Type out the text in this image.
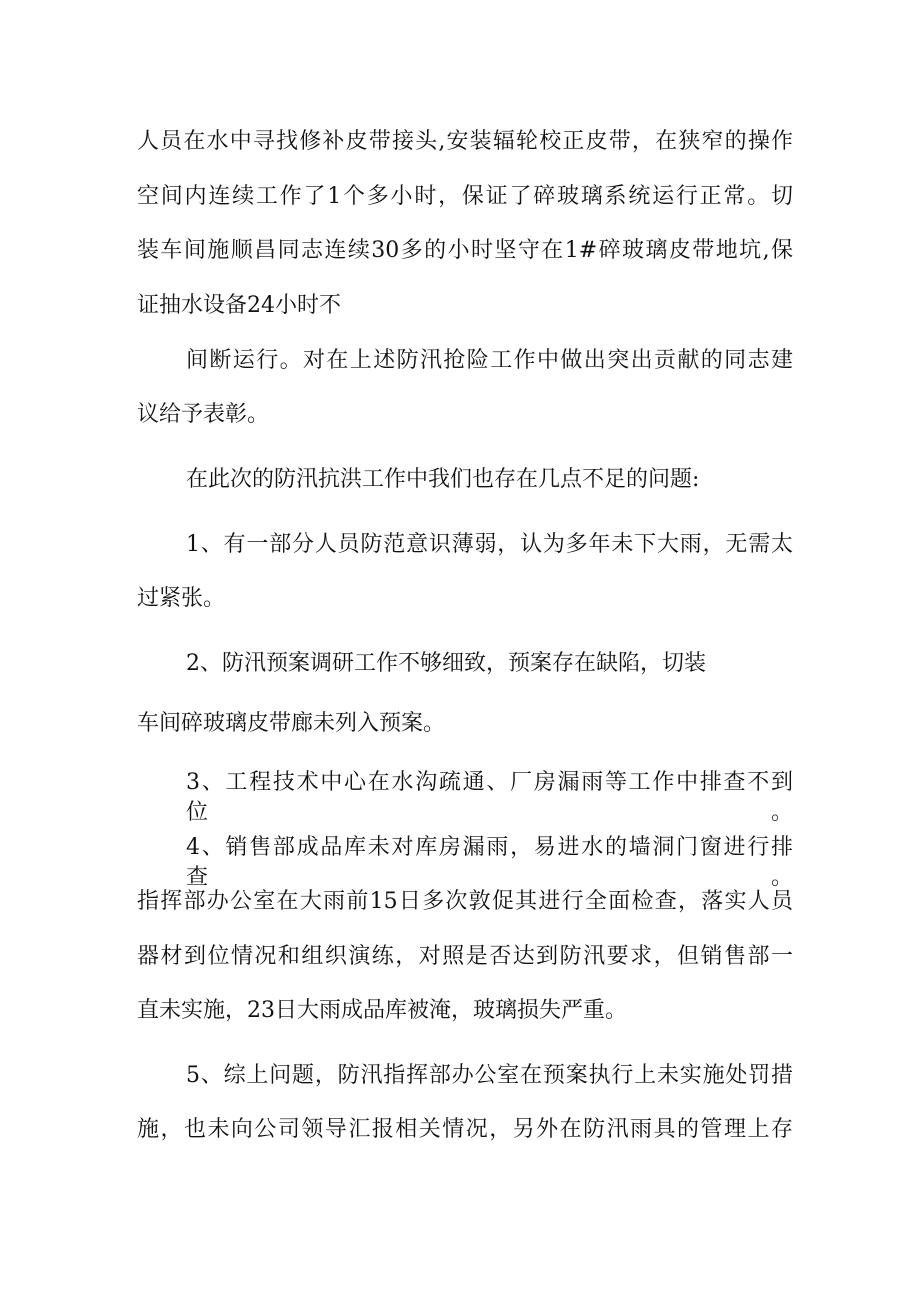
人员在水中寻找修补皮带接头,安装辐轮校正皮带，在狭窄的操作
空间内连续工作了1个多小时，保证了碎玻璃系统运行正常。切
装车间施顺昌同志连续30多的小时坚守在1#碎玻璃皮带地坑,保
证抽水设备24小时不
间断运行。对在上述防汛抢险工作中做出突出贡献的同志建
议给予表彰。
在此次的防汛抗洪工作中我们也存在几点不足的问题:
1、有一部分人员防范意识薄弱，认为多年未下大雨，无需太
过紧张。
2、防汛预案调研工作不够细致，预案存在缺陷，切装
车间碎玻璃皮带廊未列入预案。
3、工程技术中心在水沟疏通、厂房漏雨等工作中排查不到位。
4、销售部成品库未对库房漏雨，易进水的墙洞门窗进行排查。
指挥部办公室在大雨前15日多次敦促其进行全面检查，落实人员
器材到位情况和组织演练，对照是否达到防汛要求，但销售部一
直未实施，23日大雨成品库被淹，玻璃损失严重。
5、综上问题，防汛指挥部办公室在预案执行上未实施处罚措
施，也未向公司领导汇报相关情况，另外在防汛雨具的管理上存
